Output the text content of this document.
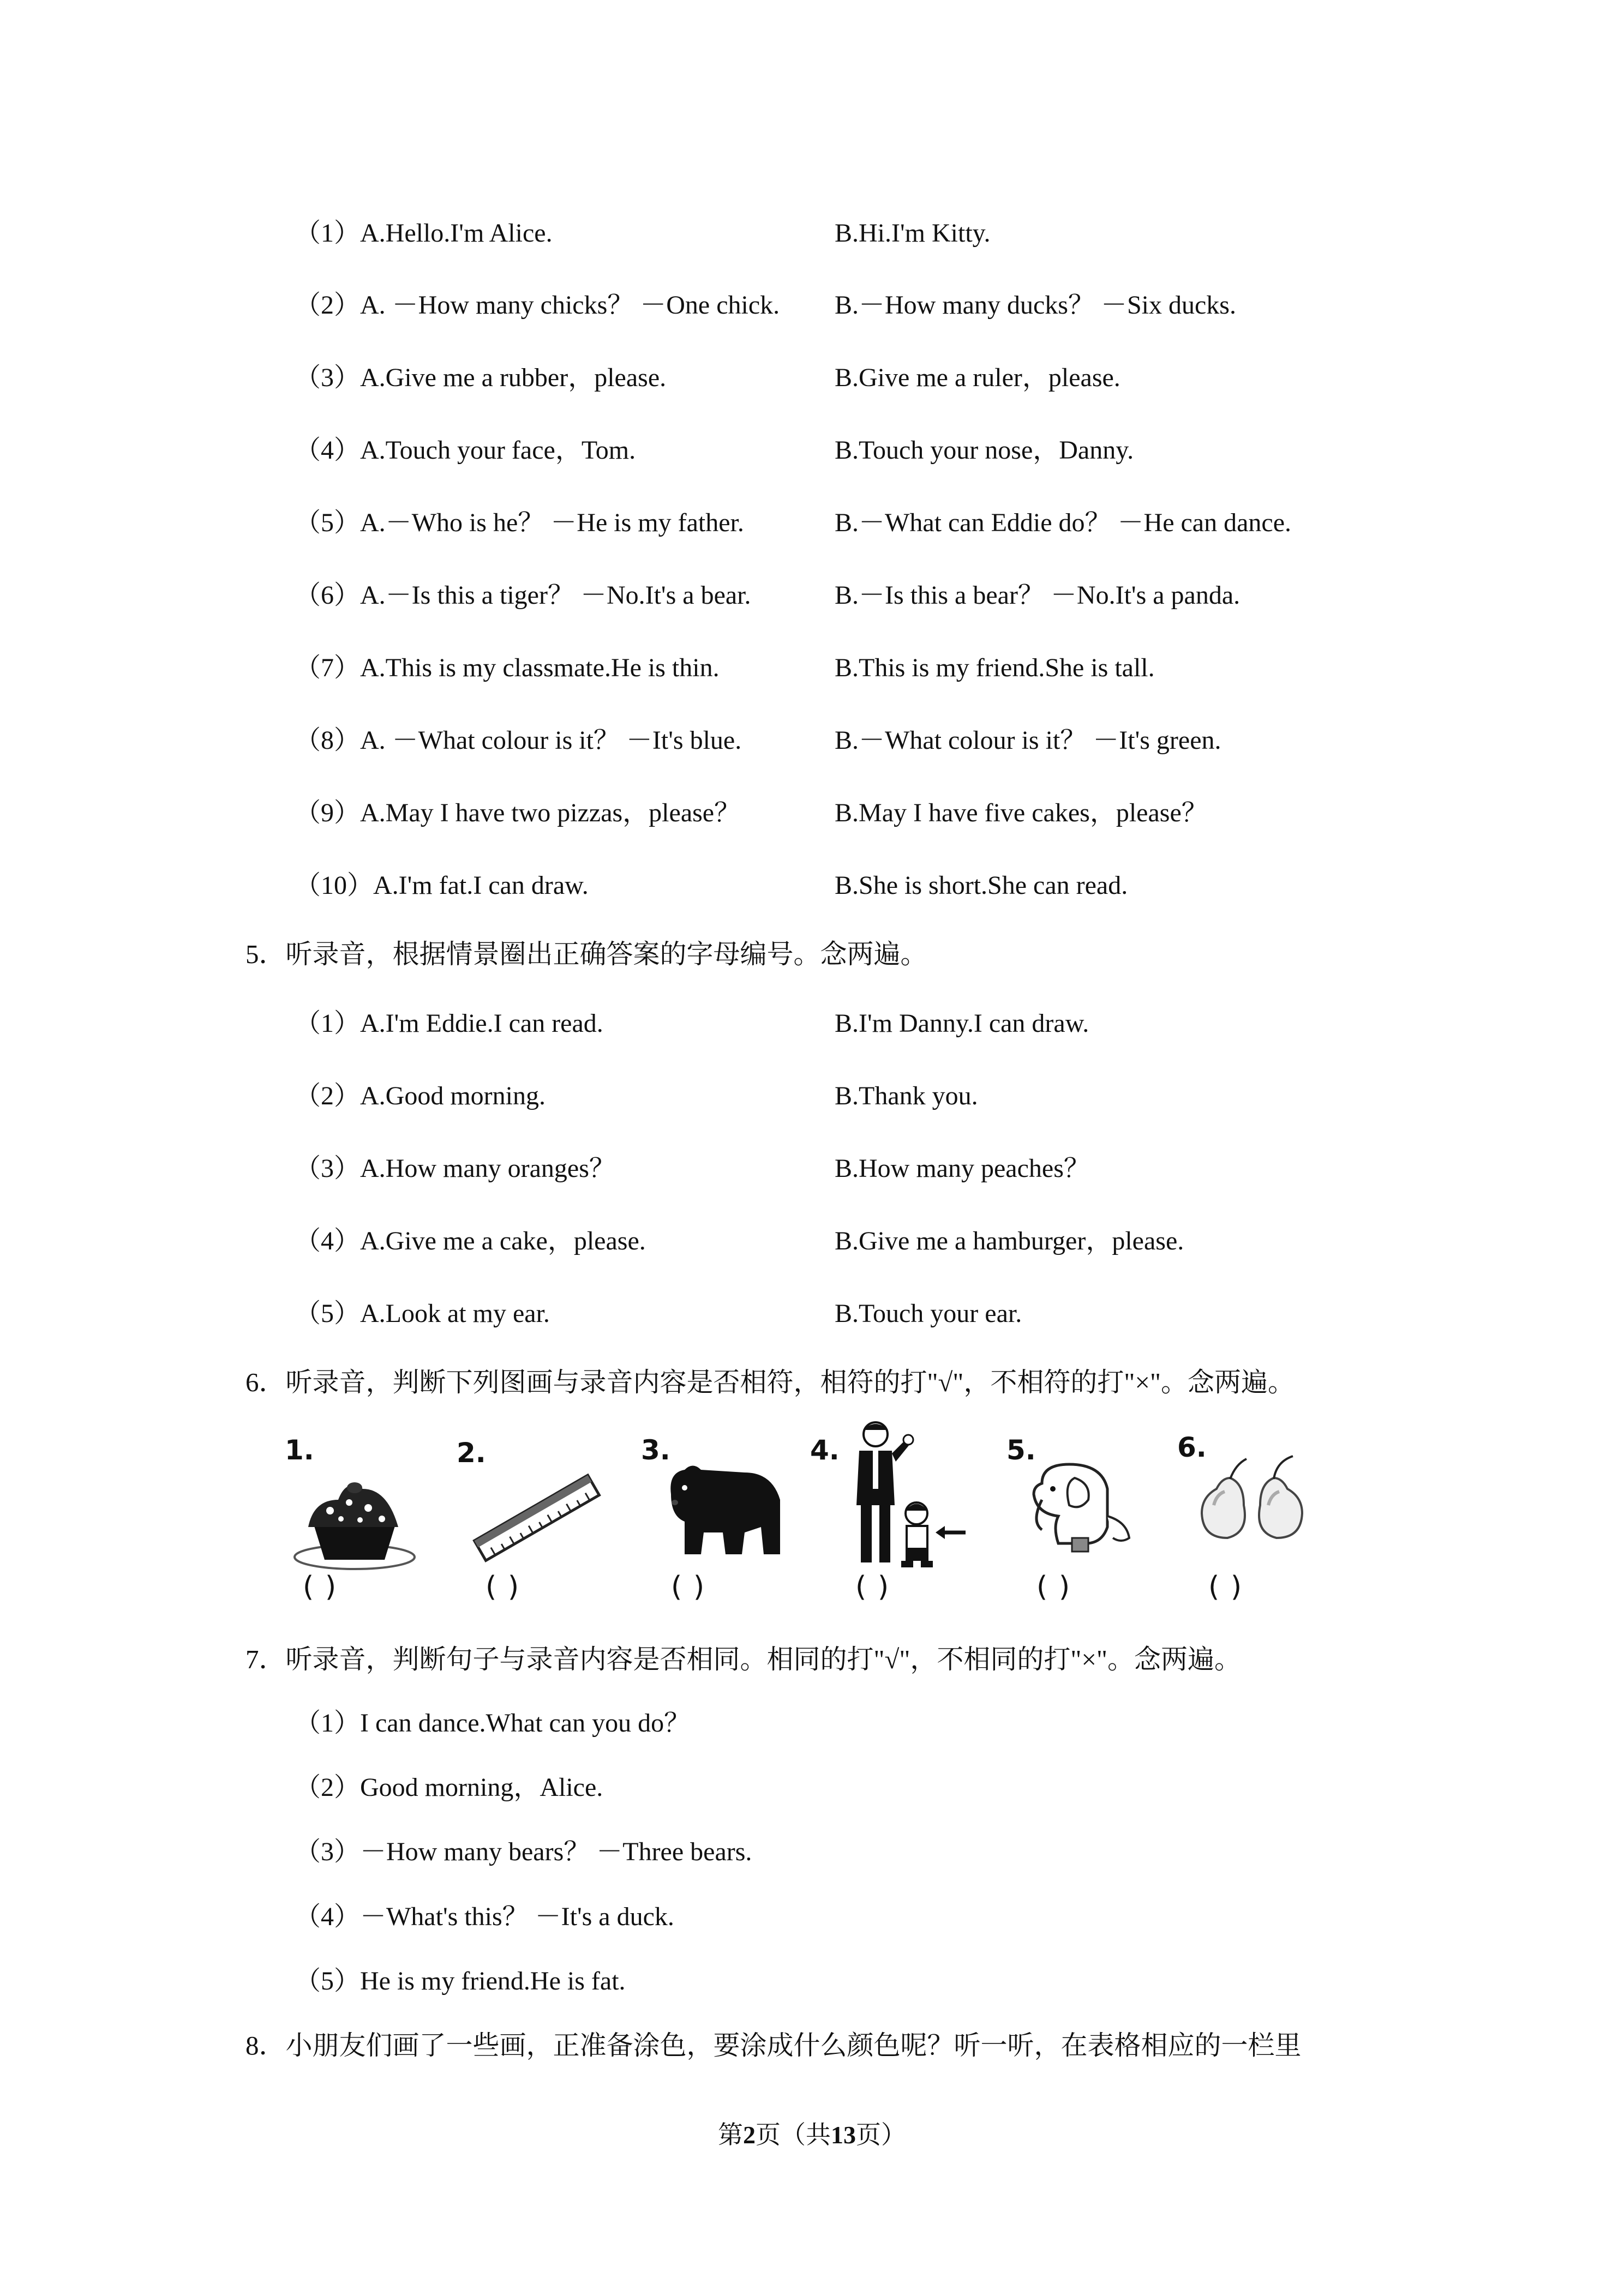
（1）A.Hello.I'm Alice.	B.Hi.I'm Kitty.
（2）A. －How many chicks？ －One chick. B.－How many ducks？ －Six ducks.
（3）A.Give me a rubber，please.	B.Give me a ruler，please.
（4）A.Touch your face，Tom.	B.Touch your nose，Danny.
（5）A.－Who is he？ －He is my father.	B.－What can Eddie do？ －He can dance.
（6）A.－Is this a tiger？ －No.It's a bear.	B.－Is this a bear？ －No.It's a panda.
（7）A.This is my classmate.He is thin.	B.This is my friend.She is tall.
（8）A. －What colour is it？ －It's blue.	B.－What colour is it？ －It's green.
（9）A.May I have two pizzas，please？	B.May I have five cakes，please？
（10）A.I'm fat.I can draw.	B.She is short.She can read.
5．听录音，根据情景圈出正确答案的字母编号。念两遍。
（1）A.I'm Eddie.I can read.	B.I'm Danny.I can draw.
（2）A.Good morning.	B.Thank you.
（3）A.How many oranges？	B.How many peaches？
（4）A.Give me a cake，please.	B.Give me a hamburger，please.
（5）A.Look at my ear.	B.Touch your ear.
6．听录音，判断下列图画与录音内容是否相符，相符的打"√"，不相符的打"×"。念两遍。
1.
( )
2.
( )
3.
( )
4.
( )
5.
( )
6.
( )
7．听录音，判断句子与录音内容是否相同。相同的打"√"，不相同的打"×"。念两遍。
（1）I can dance.What can you do？
（2）Good morning，Alice.
（3）－How many bears？ －Three bears.
（4）－What's this？ －It's a duck.
（5）He is my friend.He is fat.
8．小朋友们画了一些画，正准备涂色，要涂成什么颜色呢？听一听，在表格相应的一栏里
第2页（共13页）
